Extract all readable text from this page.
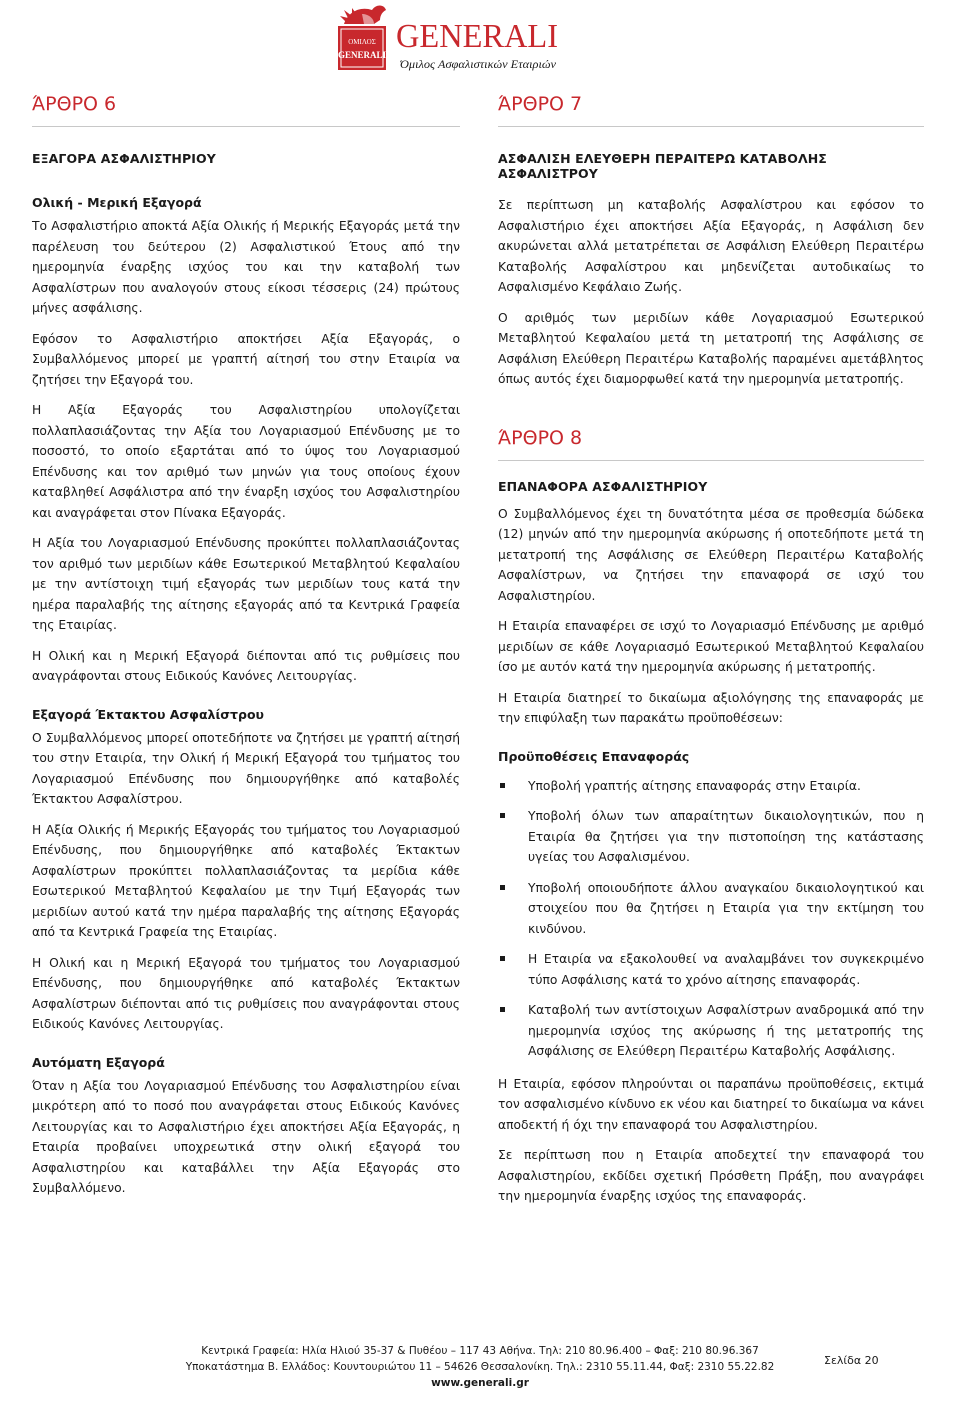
ΟΜΙΛΟΣ
GENERALI GENERALI
Όμιλος Ασφαλιστικών Εταιριών
ΆΡΘΡΟ 6
ΕΞΑΓΟΡΑ ΑΣΦΑΛΙΣΤΗΡΙΟΥ
Ολική - Μερική Εξαγορά

Το Ασφαλιστήριο αποκτά Αξία Ολικής ή Μερικής Εξαγοράς μετά την παρέλευση του δεύτερου (2) Ασφαλιστικού Έτους από την ημερομηνία έναρξης ισχύος του και την καταβολή των Ασφαλίστρων που αναλογούν στους είκοσι τέσσερις (24) πρώτους μήνες ασφάλισης.

Εφόσον το Ασφαλιστήριο αποκτήσει Αξία Εξαγοράς, ο Συμβαλλόμενος μπορεί με γραπτή αίτησή του στην Εταιρία να ζητήσει την Εξαγορά του.

Η Αξία Εξαγοράς του Ασφαλιστηρίου υπολογίζεται πολλαπλασιάζοντας την Αξία του Λογαριασμού Επένδυσης με το ποσοστό, το οποίο εξαρτάται από το ύψος του Λογαριασμού Επένδυσης και τον αριθμό των μηνών για τους οποίους έχουν καταβληθεί Ασφάλιστρα από την έναρξη ισχύος του Ασφαλιστηρίου και αναγράφεται στον Πίνακα Εξαγοράς.

Η Αξία του Λογαριασμού Επένδυσης προκύπτει πολλαπλασιάζοντας τον αριθμό των μεριδίων κάθε Εσωτερικού Μεταβλητού Κεφαλαίου με την αντίστοιχη τιμή εξαγοράς των μεριδίων τους κατά την ημέρα παραλαβής της αίτησης εξαγοράς από τα Κεντρικά Γραφεία της Εταιρίας.

Η Ολική και η Μερική Εξαγορά διέπονται από τις ρυθμίσεις που αναγράφονται στους Ειδικούς Κανόνες Λειτουργίας.

Εξαγορά Έκτακτου Ασφαλίστρου

Ο Συμβαλλόμενος μπορεί οποτεδήποτε να ζητήσει με γραπτή αίτησή του στην Εταιρία, την Ολική ή Μερική Εξαγορά του τμήματος του Λογαριασμού Επένδυσης που δημιουργήθηκε από καταβολές Έκτακτου Ασφαλίστρου.

Η Αξία Ολικής ή Μερικής Εξαγοράς του τμήματος του Λογαριασμού Επένδυσης, που δημιουργήθηκε από καταβολές Έκτακτων Ασφαλίστρων προκύπτει πολλαπλασιάζοντας τα μερίδια κάθε Εσωτερικού Μεταβλητού Κεφαλαίου με την Τιμή Εξαγοράς των μεριδίων αυτού κατά την ημέρα παραλαβής της αίτησης Εξαγοράς από τα Κεντρικά Γραφεία της Εταιρίας.

Η Ολική και η Μερική Εξαγορά του τμήματος του Λογαριασμού Επένδυσης, που δημιουργήθηκε από καταβολές Έκτακτων Ασφαλίστρων διέπονται από τις ρυθμίσεις που αναγράφονται στους Ειδικούς Κανόνες Λειτουργίας.

Αυτόματη Εξαγορά

Όταν η Αξία του Λογαριασμού Επένδυσης του Ασφαλιστηρίου είναι μικρότερη από το ποσό που αναγράφεται στους Ειδικούς Κανόνες Λειτουργίας και το Ασφαλιστήριο έχει αποκτήσει Αξία Εξαγοράς, η Εταιρία προβαίνει υποχρεωτικά στην ολική εξαγορά του Ασφαλιστηρίου και καταβάλλει την Αξία Εξαγοράς στο Συμβαλλόμενο.

ΆΡΘΡΟ 7
ΑΣΦΑΛΙΣΗ ΕΛΕΥΘΕΡΗ ΠΕΡΑΙΤΕΡΩ ΚΑΤΑΒΟΛΗΣ ΑΣΦΑΛΙΣΤΡΟΥ

Σε περίπτωση μη καταβολής Ασφαλίστρου και εφόσον το Ασφαλιστήριο έχει αποκτήσει Αξία Εξαγοράς, η Ασφάλιση δεν ακυρώνεται αλλά μετατρέπεται σε Ασφάλιση Ελεύθερη Περαιτέρω Καταβολής Ασφαλίστρου και μηδενίζεται αυτοδικαίως το Ασφαλισμένο Κεφάλαιο Ζωής.

Ο αριθμός των μεριδίων κάθε Λογαριασμού Εσωτερικού Μεταβλητού Κεφαλαίου μετά τη μετατροπή της Ασφάλισης σε Ασφάλιση Ελεύθερη Περαιτέρω Καταβολής παραμένει αμετάβλητος όπως αυτός έχει διαμορφωθεί κατά την ημερομηνία μετατροπής.

ΆΡΘΡΟ 8
ΕΠΑΝΑΦΟΡΑ ΑΣΦΑΛΙΣΤΗΡΙΟΥ

Ο Συμβαλλόμενος έχει τη δυνατότητα μέσα σε προθεσμία δώδεκα (12) μηνών από την ημερομηνία ακύρωσης ή οποτεδήποτε μετά τη μετατροπή της Ασφάλισης σε Ελεύθερη Περαιτέρω Καταβολής Ασφαλίστρων, να ζητήσει την επαναφορά σε ισχύ του Ασφαλιστηρίου.

Η Εταιρία επαναφέρει σε ισχύ το Λογαριασμό Επένδυσης με αριθμό μεριδίων σε κάθε Λογαριασμό Εσωτερικού Μεταβλητού Κεφαλαίου ίσο με αυτόν κατά την ημερομηνία ακύρωσης ή μετατροπής.

Η Εταιρία διατηρεί το δικαίωμα αξιολόγησης της επαναφοράς με την επιφύλαξη των παρακάτω προϋποθέσεων:

Προϋποθέσεις Επαναφοράς
Υποβολή γραπτής αίτησης επαναφοράς στην Εταιρία.
Υποβολή όλων των απαραίτητων δικαιολογητικών, που η Εταιρία θα ζητήσει για την πιστοποίηση της κατάστασης υγείας του Ασφαλισμένου.
Υποβολή οποιουδήποτε άλλου αναγκαίου δικαιολογητικού και στοιχείου που θα ζητήσει η Εταιρία για την εκτίμηση του κινδύνου.
Η Εταιρία να εξακολουθεί να αναλαμβάνει τον συγκεκριμένο τύπο Ασφάλισης κατά το χρόνο αίτησης επαναφοράς.
Καταβολή των αντίστοιχων Ασφαλίστρων αναδρομικά από την ημερομηνία ισχύος της ακύρωσης ή της μετατροπής της Ασφάλισης σε Ελεύθερη Περαιτέρω Καταβολής Ασφάλισης.

Η Εταιρία, εφόσον πληρούνται οι παραπάνω προϋποθέσεις, εκτιμά τον ασφαλισμένο κίνδυνο εκ νέου και διατηρεί το δικαίωμα να κάνει αποδεκτή ή όχι την επαναφορά του Ασφαλιστηρίου.

Σε περίπτωση που η Εταιρία αποδεχτεί την επαναφορά του Ασφαλιστηρίου, εκδίδει σχετική Πρόσθετη Πράξη, που αναγράφει την ημερομηνία έναρξης ισχύος της επαναφοράς.

Κεντρικά Γραφεία: Ηλία Ηλιού 35-37 & Πυθέου – 117 43 Αθήνα. Τηλ: 210 80.96.400 – Φαξ: 210 80.96.367
Υποκατάστημα Β. Ελλάδος: Κουντουριώτου 11 – 54626 Θεσσαλονίκη. Τηλ.: 2310 55.11.44, Φαξ: 2310 55.22.82
www.generali.gr
Σελίδα 20
